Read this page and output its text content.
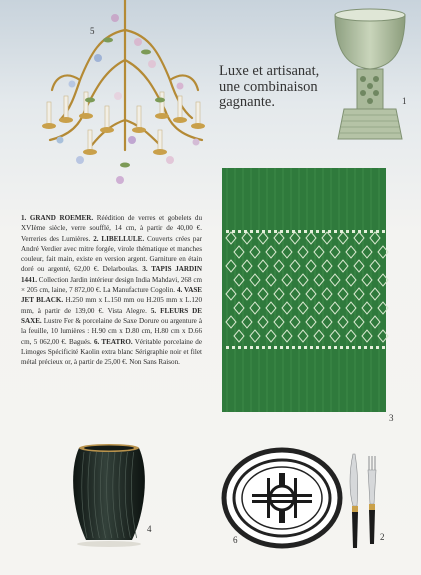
5
Luxe et artisanat,
une combinaison
gagnante.	1
1. GRAND ROEMER. Réédition de verres et gobelets du XVIème siècle, verre soufflé, 14 cm, à partir de 40,00 €. Verreries des Lumières. 2. LIBELLULE. Couverts crées par André Verdier avec mitre forgée, virole thématique et manches couleur, fait main, existe en version argent. Garniture en étain doré ou argenté, 62,00 €. Delarboulas. 3. TAPIS JARDIN 1441. Collection Jardin intérieur design India Mahdavi, 268 cm × 205 cm, laine, 7 872,00 €. La Manufacture Cogolin. 4. VASE JET BLACK. H.250 mm x L.150 mm ou H.205 mm x L.120 mm, à partir de 139,00 €. Vista Alegre. 5. FLEURS DE SAXE. Lustre Fer & porcelaine de Saxe Dorure ou argenture à la feuille, 10 lumières : H.90 cm x D.80 cm, H.80 cm x D.66 cm, 5 062,00 €. Bagués. 6. TEATRO. Véritable porcelaine de Limoges Spécificité Kaolin extra blanc Sérigraphie noir et filet métal précieux or, à partir de 25,00 €. Non Sans Raison.
3
4
6	2
